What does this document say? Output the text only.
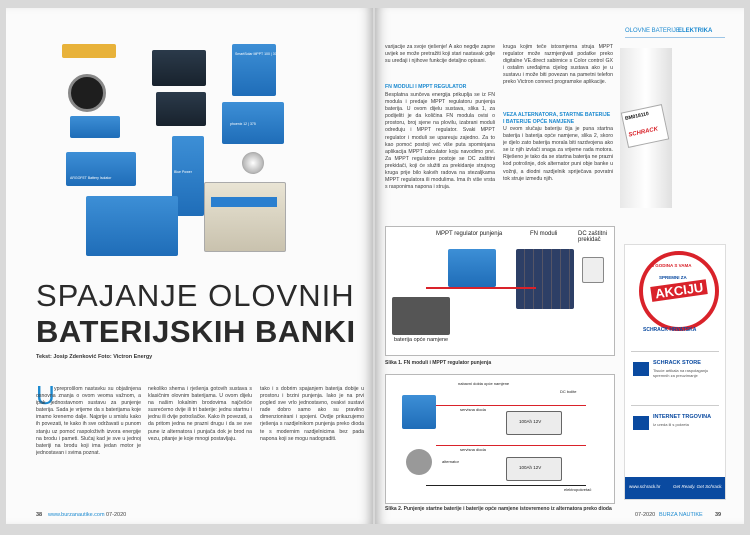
ARGOFET Battery Isolator
SmartSolar MPPT 100 | 30
phoenix 12 | 375
Blue Power
SPAJANJE OLOVNIH
BATERIJSKIH BANKI
Tekst: Josip Zdenković Foto: Victron Energy
U ypreprošlom nastavku su objašnjena osnovna znanja o ovom veoma važnom, a ipak jednostavnom sustavu za punjenje baterija. Sada je vrijeme da s baterijama koje imamo krenemo dalje. Najprije u smislu kako ih povezati, te kako ih sve održavati u punom stanju uz pomoć raspoloživih izvora energije na brodu i pameti. Slučaj kad je sve u jednoj bateriji na brodu koji ima jedan motor je jednostavan i svima poznat.
nekoliko shema i rješenja gotovih sustava s klasičnim olovnim baterijama. U ovom dijelu na našim lokalnim brodovima najčešće susrećemo dvije ili tri baterije: jednu startnu i jednu ili dvije potrošačke. Kako ih povezati, a da pritom jedna ne prazni drugu i da se sve pune iz alternatora i punjača dok je brod na vezu, pitanje je koje mnogi postavljaju.
tako i s dobrim spajanjem baterija dobije u prostoru i brzini punjenja. Iako je na prvi pogled sve vrlo jednostavno, ovakvi sustavi rade dobro samo ako su pravilno dimenzionirani i spojeni. Ovdje prikazujemo rješenja s razdjelnikom punjenja preko dioda te s modernim razdjelnicima bez pada napona koji se mogu nadograditi.
38 www.burzanautike.com 07-2020
OLOVNE BATERIJE
ELEKTRIKA
varijacije za svoje rješenje! A ako negdje zapne uvijek se može pretražiti koji stari nastavak gdje su uređaji i njihove funkcije detaljno opisani.
FN MODULI I MPPT REGULATOR
Besplatna sunčeva energija prikuplja se iz FN modula i predaje MPPT regulatoru punjenja baterija. U ovom dijelu sustava, slika 1, za podijeliti je da količina FN modula ovisi o prostoru, broj sjene na plovilu, izabrani moduli određuju i MPPT regulator. Svaki MPPT regulator i moduli se upareuju zajedno. Za to kao pomoć postoji već više puta spominjana aplikacija MPPT calculator koju navodimo prvi. Za MPPT regulatore postoje se DC zaštitni prekidači, koji će služiti za prekidanje strujnog kruga prije bilo kakvih radova na stezaljkama MPPT regulatora ili modulima. Ima ih više vrsta s rasponima napona i struja.
kruga kojim teče istosmjerna struja MPPT regulator može razmjenjivati podatke preko digitalne VE.direct sabirnice s Color control GX i ostalim uređajima cijelog sustava ako je u sustavu i može biti povezan na pametni telefon preko Victron connect programske aplikacije.
VEZA ALTERNATORA, STARTNE BATERIJE I BATERIJE OPĆE NAMJENE
U ovom slučaju bateriju čija je puna startna baterija i baterija opće namjene, slika 2, skoro je djelo zato baterija morala biti razdvojena ako se iz njih izvlači snaga za vrijeme rada motora. Riješeno je tako da se startna baterija ne prazni kod potrošnje, dok alternator puni obje banke u vožnji, a diodni razdjelnik spriječava povratni tok struje između njih.
BM018110
SCHRACK
MPPT regulator punjenja	FN moduli	DC zaštitni prekidač
baterija opće namjene
Slika 1. FN moduli i MPPT regulator punjenja
nabavni dokta opće namjene
DC bolite
alternator
100Ah 12V
100Ah 12V
servisna dioda
servisna dioda
elektropokretač
Slika 2. Punjenje startne baterije i baterije opće namjene istovremeno iz alternatora preko dioda
07-2020 BURZA NAUTIKE 39
25 GODINA S VAMA
SPREMNI ZA
AKCIJU
SCHRACK HRVATSKA
SCHRACK STORE
Tisuće artikala na raspolaganju spremnih za preuzimanje
INTERNET TRGOVINA
Iz ureda ili s pokreta
www.schrack.hr	Get Ready. Get Schrack.
